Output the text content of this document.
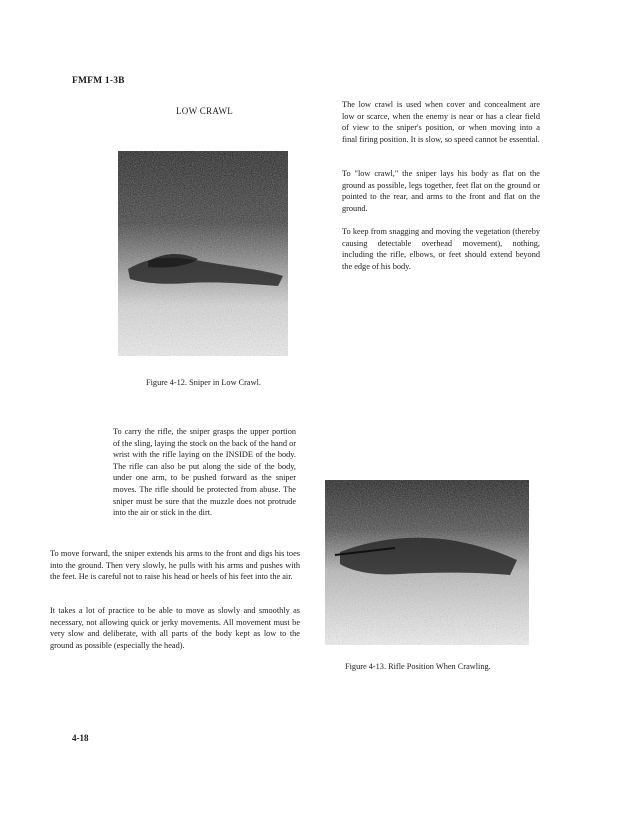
FMFM 1-3B
LOW CRAWL
Figure 4-12. Sniper in Low Crawl.

The low crawl is used when cover and concealment are low or scarce, when the enemy is near or has a clear field of view to the sniper's position, or when moving into a final firing position. It is slow, so speed cannot be essential.

To "low crawl," the sniper lays his body as flat on the ground as possible, legs together, feet flat on the ground or pointed to the rear, and arms to the front and flat on the ground.

To keep from snagging and moving the vegetation (thereby causing detectable overhead movement), nothing, including the rifle, elbows, or feet should extend beyond the edge of his body.

To carry the rifle, the sniper grasps the upper portion of the sling, laying the stock on the back of the hand or wrist with the rifle laying on the INSIDE of the body. The rifle can also be put along the side of the body, under one arm, to be pushed forward as the sniper moves. The rifle should be protected from abuse. The sniper must be sure that the muzzle does not protrude into the air or stick in the dirt.

To move forward, the sniper extends his arms to the front and digs his toes into the ground. Then very slowly, he pulls with his arms and pushes with the feet. He is careful not to raise his head or heels of his feet into the air.

It takes a lot of practice to be able to move as slowly and smoothly as necessary, not allowing quick or jerky movements. All movement must be very slow and deliberate, with all parts of the body kept as low to the ground as possible (especially the head).

Figure 4-13. Rifle Position When Crawling.
4-18
